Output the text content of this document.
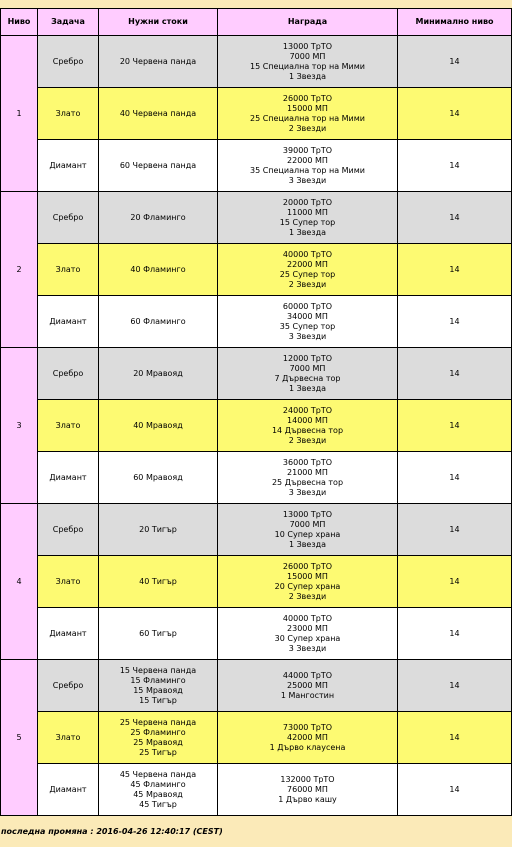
Ниво	Задача	Нужни стоки	Награда	Минимално ниво
1	Сребро	20 Червена панда	13000 ТрТО
7000 МП
15 Специална тор на Мими
1 Звезда	14
	Злато	40 Червена панда	26000 ТрТО
15000 МП
25 Специална тор на Мими
2 Звезди	14
	Диамант	60 Червена панда	39000 ТрТО
22000 МП
35 Специална тор на Мими
3 Звезди	14
2	Сребро	20 Фламинго	20000 ТрТО
11000 МП
15 Супер тор
1 Звезда	14
	Злато	40 Фламинго	40000 ТрТО
22000 МП
25 Супер тор
2 Звезди	14
	Диамант	60 Фламинго	60000 ТрТО
34000 МП
35 Супер тор
3 Звезди	14
3	Сребро	20 Мравояд	12000 ТрТО
7000 МП
7 Дървесна тор
1 Звезда	14
	Злато	40 Мравояд	24000 ТрТО
14000 МП
14 Дървесна тор
2 Звезди	14
	Диамант	60 Мравояд	36000 ТрТО
21000 МП
25 Дървесна тор
3 Звезди	14
4	Сребро	20 Тигър	13000 ТрТО
7000 МП
10 Супер храна
1 Звезда	14
	Злато	40 Тигър	26000 ТрТО
15000 МП
20 Супер храна
2 Звезди	14
	Диамант	60 Тигър	40000 ТрТО
23000 МП
30 Супер храна
3 Звезди	14
5	Сребро	15 Червена панда
15 Фламинго
15 Мравояд
15 Тигър	44000 ТрТО
25000 МП
1 Мангостин	14
	Злато	25 Червена панда
25 Фламинго
25 Мравояд
25 Тигър	73000 ТрТО
42000 МП
1 Дърво клаусена	14
	Диамант	45 Червена панда
45 Фламинго
45 Мравояд
45 Тигър	132000 ТрТО
76000 МП
1 Дърво кашу	14
последна промяна : 2016-04-26 12:40:17 (CEST)
